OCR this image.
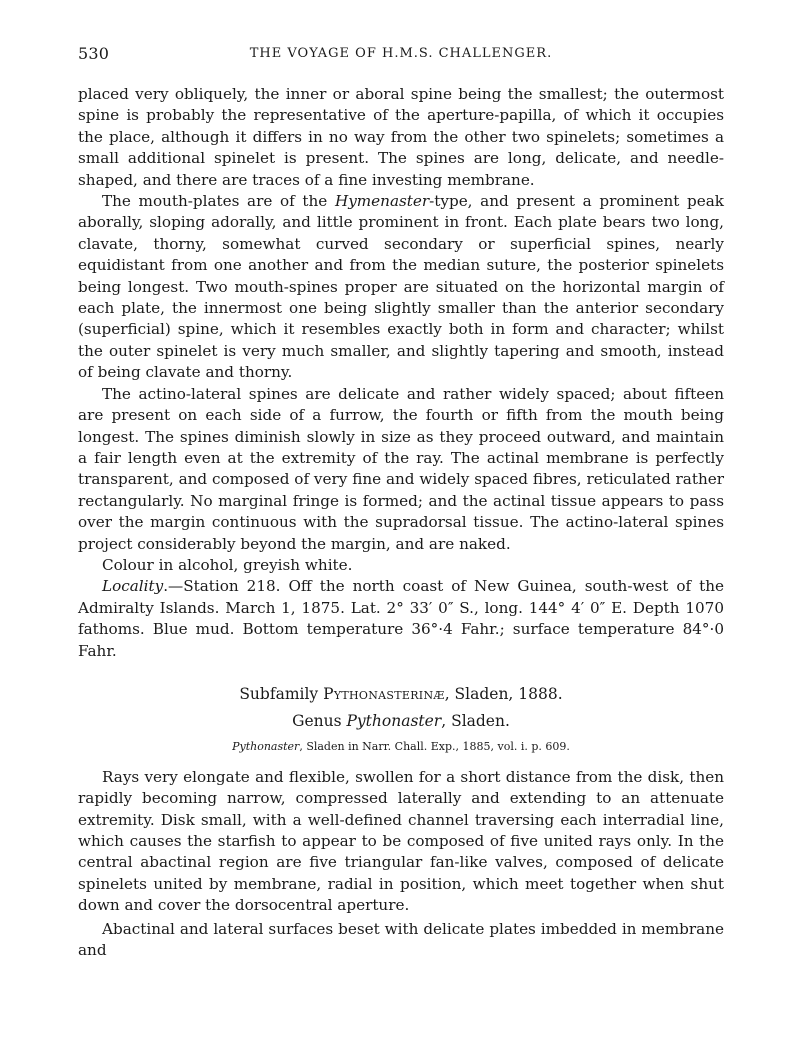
530	THE VOYAGE OF H.M.S. CHALLENGER.

placed very obliquely, the inner or aboral spine being the smallest; the outermost spine is probably the representative of the aperture-papilla, of which it occupies the place, although it differs in no way from the other two spinelets; sometimes a small additional spinelet is present. The spines are long, delicate, and needle-shaped, and there are traces of a fine investing membrane.

The mouth-plates are of the Hymenaster-type, and present a prominent peak aborally, sloping adorally, and little prominent in front. Each plate bears two long, clavate, thorny, somewhat curved secondary or superficial spines, nearly equidistant from one another and from the median suture, the posterior spinelets being longest. Two mouth-spines proper are situated on the horizontal margin of each plate, the innermost one being slightly smaller than the anterior secondary (superficial) spine, which it resembles exactly both in form and character; whilst the outer spinelet is very much smaller, and slightly tapering and smooth, instead of being clavate and thorny.

The actino-lateral spines are delicate and rather widely spaced; about fifteen are present on each side of a furrow, the fourth or fifth from the mouth being longest. The spines diminish slowly in size as they proceed outward, and maintain a fair length even at the extremity of the ray. The actinal membrane is perfectly transparent, and composed of very fine and widely spaced fibres, reticulated rather rectangularly. No marginal fringe is formed; and the actinal tissue appears to pass over the margin continuous with the supradorsal tissue. The actino-lateral spines project considerably beyond the margin, and are naked.

Colour in alcohol, greyish white.

Locality.—Station 218. Off the north coast of New Guinea, south-west of the Admiralty Islands. March 1, 1875. Lat. 2° 33′ 0″ S., long. 144° 4′ 0″ E. Depth 1070 fathoms. Blue mud. Bottom temperature 36°·4 Fahr.; surface temperature 84°·0 Fahr.

Subfamily Pythonasterinæ, Sladen, 1888.

Genus Pythonaster, Sladen.

Pythonaster, Sladen in Narr. Chall. Exp., 1885, vol. i. p. 609.

Rays very elongate and flexible, swollen for a short distance from the disk, then rapidly becoming narrow, compressed laterally and extending to an attenuate extremity. Disk small, with a well-defined channel traversing each interradial line, which causes the starfish to appear to be composed of five united rays only. In the central abactinal region are five triangular fan-like valves, composed of delicate spinelets united by membrane, radial in position, which meet together when shut down and cover the dorsocentral aperture.

Abactinal and lateral surfaces beset with delicate plates imbedded in membrane and
